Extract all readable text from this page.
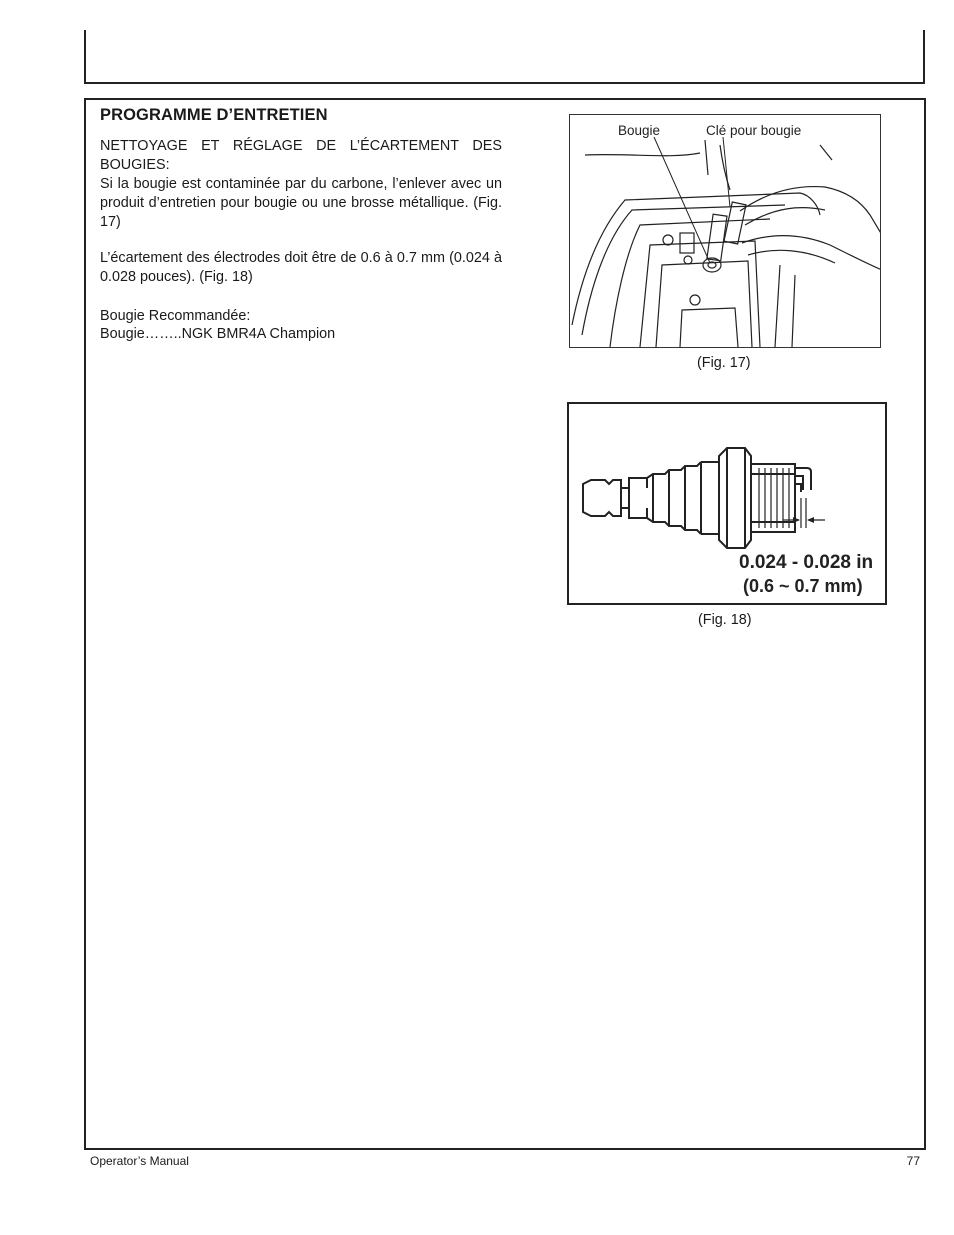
PROGRAMME D’ENTRETIEN

NETTOYAGE ET RÉGLAGE DE L’ÉCARTEMENT DES

BOUGIES:

Si la bougie est contaminée par du carbone, l’enlever avec un produit d’entretien pour bougie ou une brosse métallique. (Fig. 17)

L’écartement des électrodes doit être de 0.6 à 0.7 mm (0.024 à 0.028 pouces). (Fig. 18)

Bougie Recommandée:

Bougie……..NGK BMR4A Champion

Bougie	Clé pour bougie

(Fig. 17)

0.024 - 0.028 in
(0.6 ~ 0.7 mm)

(Fig. 18)

Operator’s Manual	77
